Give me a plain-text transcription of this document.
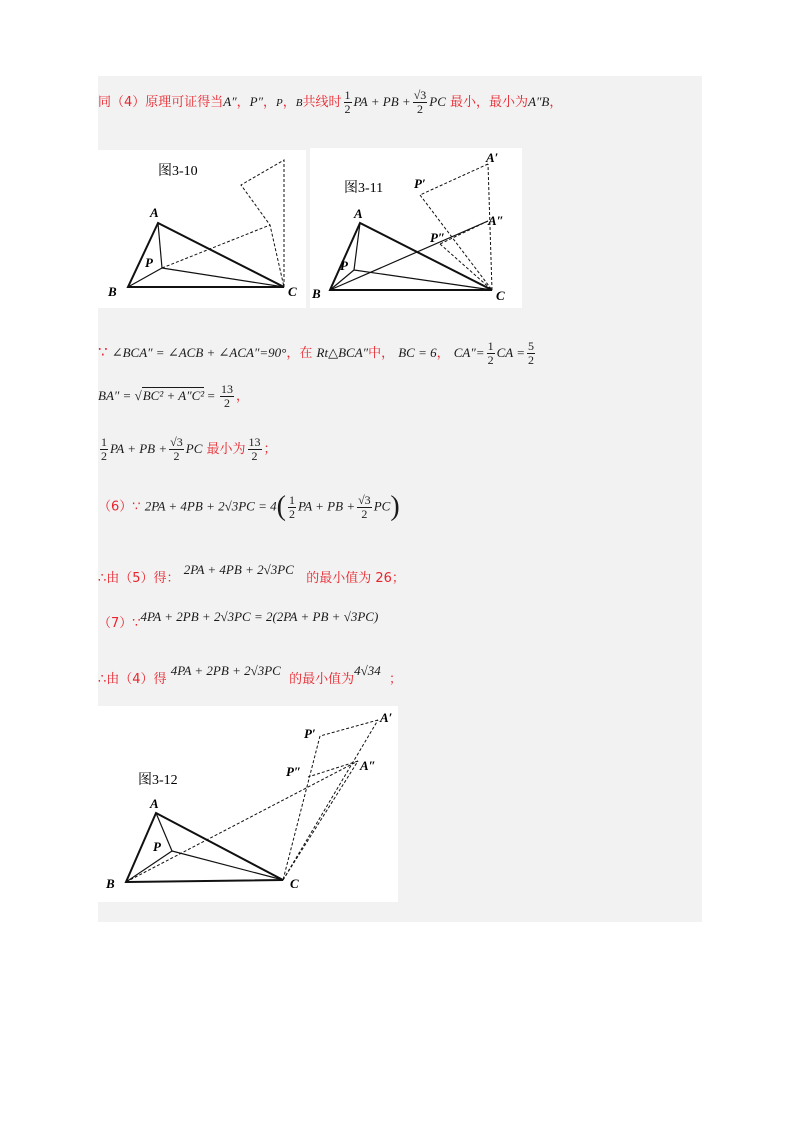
同（4）原理可证得当A″，P″，P，B共线时 $\frac{1}{2}$ PA + PB + $\frac{√3}{2}$ PC 最小，最小为A″B，
图3-10
A
B	C
P
图3-11
A
B	C
P
P′
P″
A′
A″
∵ ∠BCA″ = ∠ACB + ∠ACA″=90°，在 Rt△BCA″中， BC = 6， $CA''= \frac{1}{2}$ CA = $\frac{5}{2}$
$BA'' = √BC^2 + A''C^2 = \frac{13}{2}$ ，
$\frac{1}{2}$ PA + PB + $\frac{√3}{2}$ PC 最小为 $\frac{13}{2}$ ；
（6）∵ $2PA + 4PB + 2√3PC = 4( \frac{1}{2}$ PA + PB + $\frac{√3}{2} PC$)
∴由（5）得： 2PA + 4PB + 2√3PC   的最小值为 26；
（7）∵4PA + 2PB + 2√3PC = 2(2PA + PB + √3PC)
∴由（4）得 4PA + 2PB + 2√3PC  的最小值为4√34  ；
图3-12
A
B	C
P
P′
P″
A′
A″
